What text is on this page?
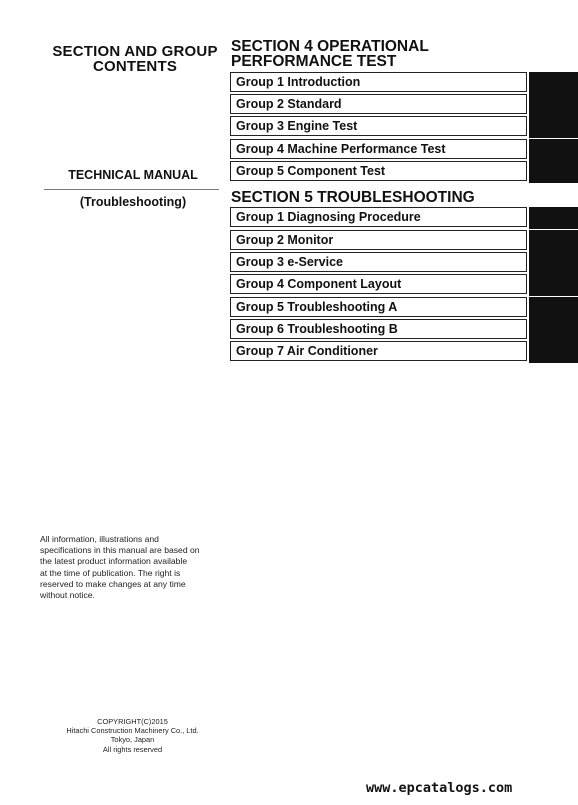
SECTION AND GROUP
CONTENTS
TECHNICAL MANUAL
(Troubleshooting)
SECTION 4 OPERATIONAL
PERFORMANCE TEST
Group 1 Introduction
Group 2 Standard
Group 3 Engine Test
Group 4 Machine Performance Test
Group 5 Component Test
SECTION 5 TROUBLESHOOTING
Group 1 Diagnosing Procedure
Group 2 Monitor
Group 3 e-Service
Group 4 Component Layout
Group 5 Troubleshooting A
Group 6 Troubleshooting B
Group 7 Air Conditioner
All information, illustrations and
specifications in this manual are based on
the latest product information available
at the time of publication. The right is
reserved to make changes at any time
without notice.
COPYRIGHT(C)2015
Hitachi Construction Machinery Co., Ltd.
Tokyo, Japan
All rights reserved
www.epcatalogs.com
